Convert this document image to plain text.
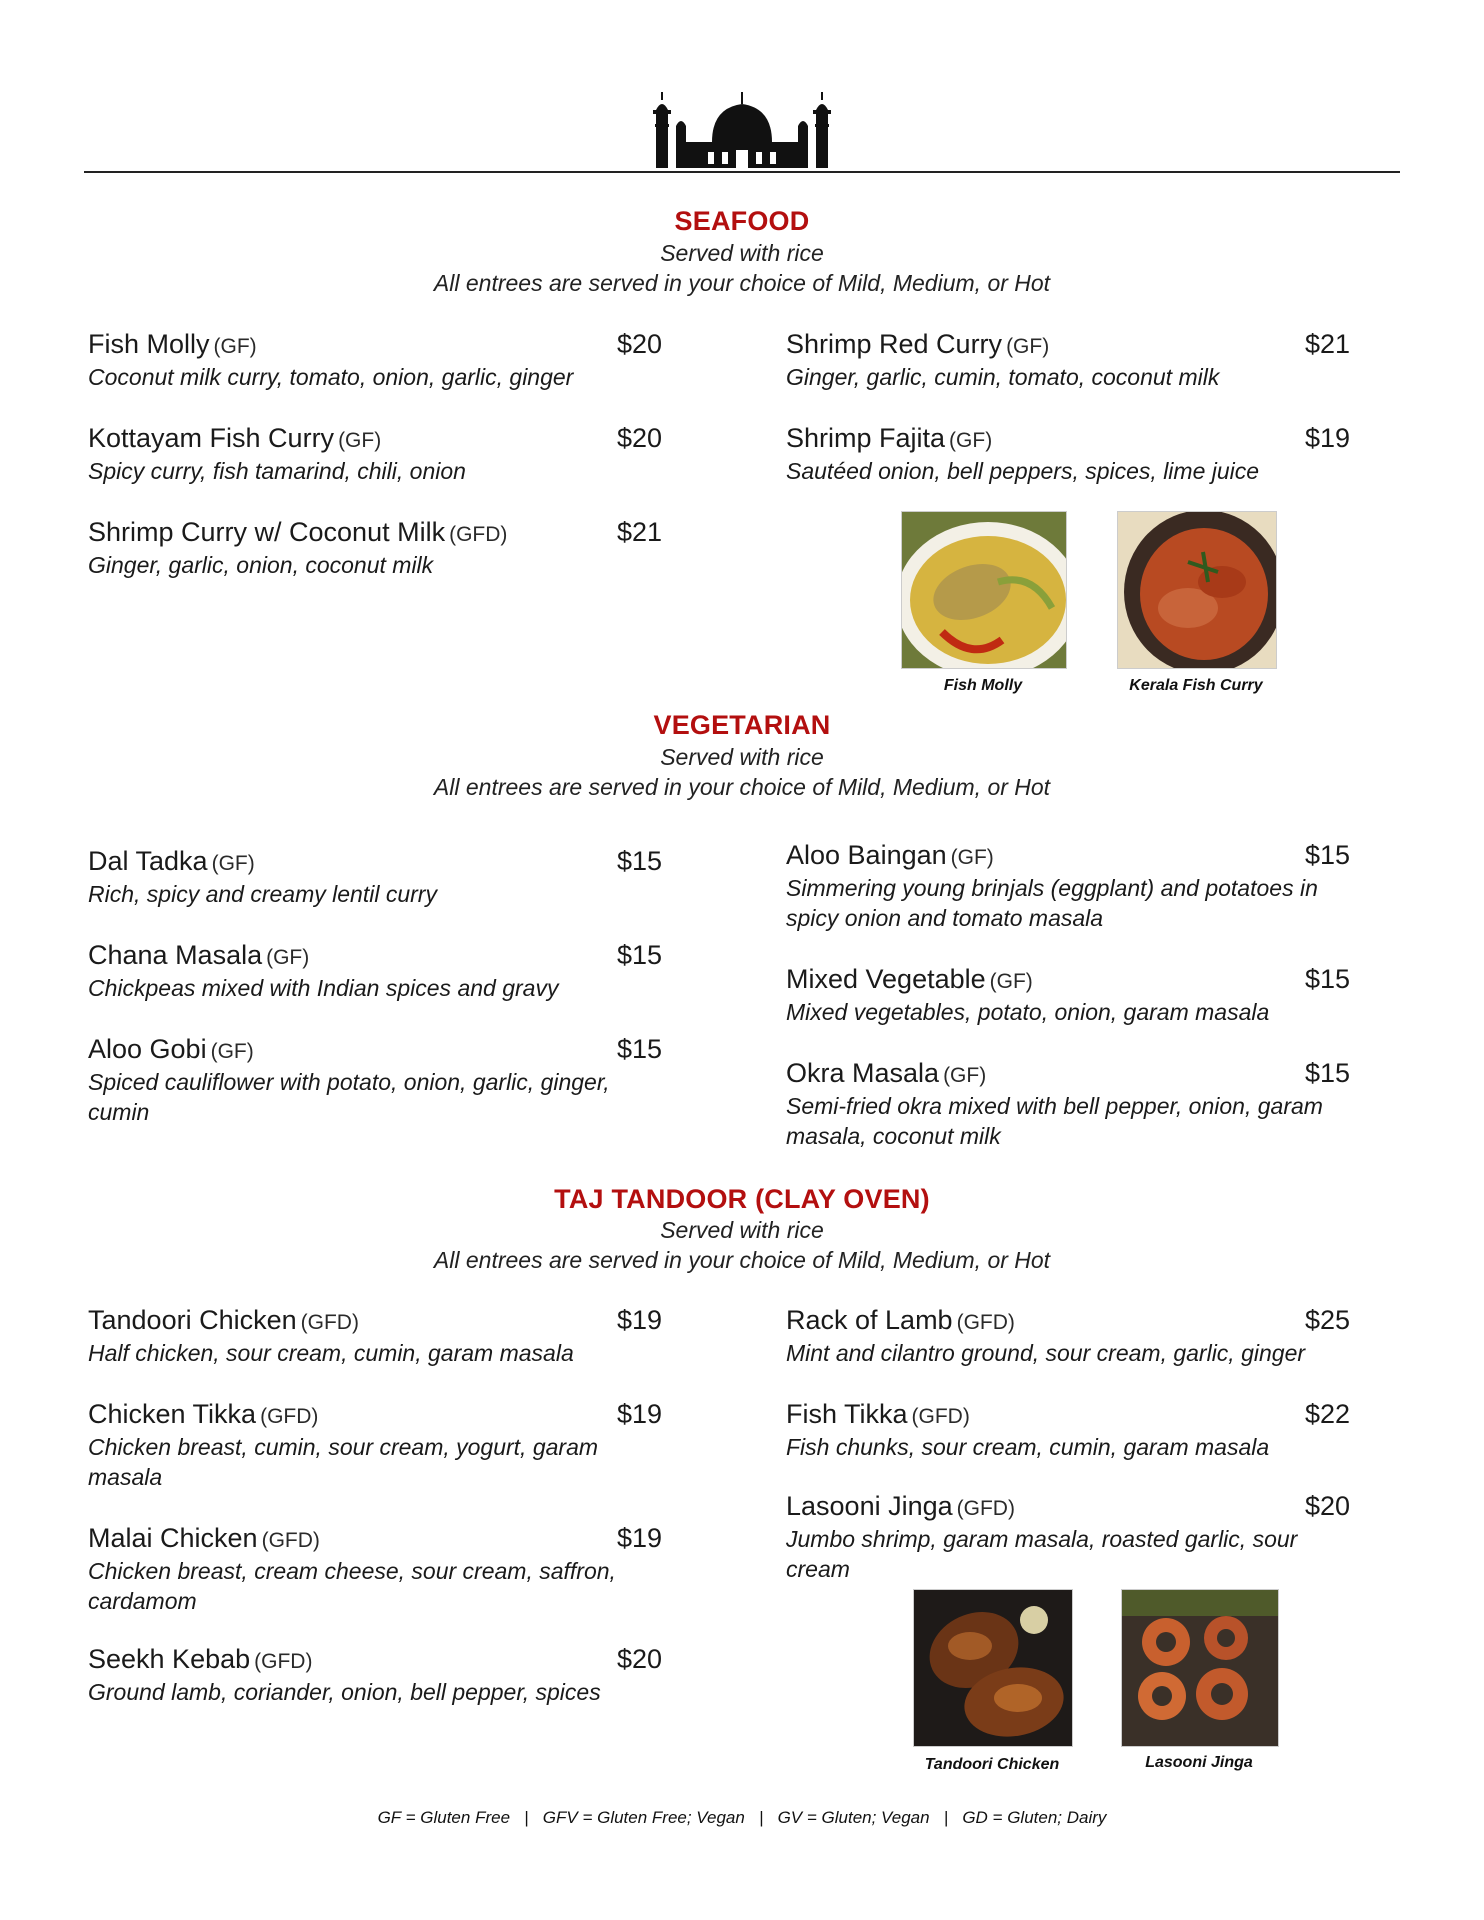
SEAFOOD
Served with rice
All entrees are served in your choice of Mild, Medium, or Hot
Fish Molly (GF)	$20
Coconut milk curry, tomato, onion, garlic, ginger
Kottayam Fish Curry (GF)	$20
Spicy curry, fish tamarind, chili, onion
Shrimp Curry w/ Coconut Milk (GFD)	$21
Ginger, garlic, onion, coconut milk
Shrimp Red Curry (GF)	$21
Ginger, garlic, cumin, tomato, coconut milk
Shrimp Fajita (GF)	$19
Sautéed onion, bell peppers, spices, lime juice
Fish Molly	Kerala Fish Curry
VEGETARIAN
Served with rice
All entrees are served in your choice of Mild, Medium, or Hot
Dal Tadka (GF)	$15
Rich, spicy and creamy lentil curry
Chana Masala (GF)	$15
Chickpeas mixed with Indian spices and gravy
Aloo Gobi (GF)	$15
Spiced cauliflower with potato, onion, garlic, ginger, cumin
Aloo Baingan (GF)	$15
Simmering young brinjals (eggplant) and potatoes in spicy onion and tomato masala
Mixed Vegetable (GF)	$15
Mixed vegetables, potato, onion, garam masala
Okra Masala (GF)	$15
Semi-fried okra mixed with bell pepper, onion, garam masala, coconut milk
TAJ TANDOOR (CLAY OVEN)
Served with rice
All entrees are served in your choice of Mild, Medium, or Hot
Tandoori Chicken (GFD)	$19
Half chicken, sour cream, cumin, garam masala
Chicken Tikka (GFD)	$19
Chicken breast, cumin, sour cream, yogurt, garam masala
Malai Chicken (GFD)	$19
Chicken breast, cream cheese, sour cream, saffron, cardamom
Seekh Kebab (GFD)	$20
Ground lamb, coriander, onion, bell pepper, spices
Rack of Lamb (GFD)	$25
Mint and cilantro ground, sour cream, garlic, ginger
Fish Tikka (GFD)	$22
Fish chunks, sour cream, cumin, garam masala
Lasooni Jinga (GFD)	$20
Jumbo shrimp, garam masala, roasted garlic, sour cream
Tandoori Chicken	Lasooni Jinga
GF = Gluten Free   |   GFV = Gluten Free; Vegan   |   GV = Gluten; Vegan   |   GD = Gluten; Dairy
